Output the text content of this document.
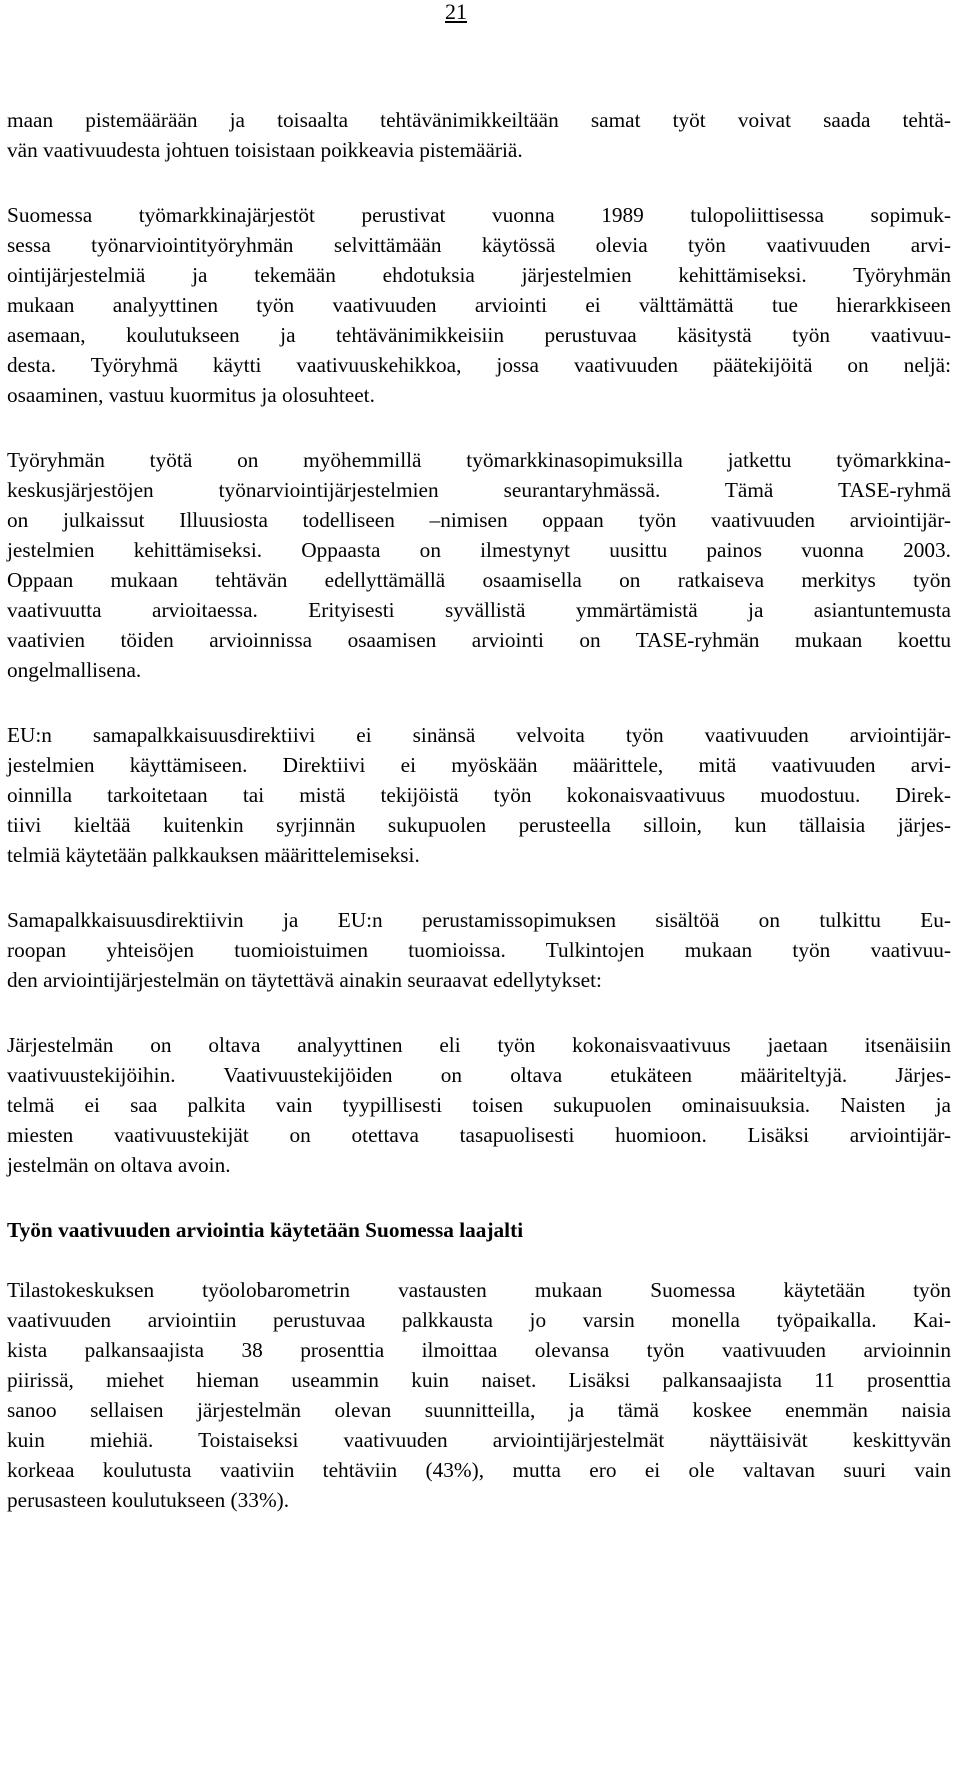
21
maan pistemäärään ja toisaalta tehtävänimikkeiltään samat työt voivat saada tehtä-
vän vaativuudesta johtuen toisistaan poikkeavia pistemääriä.
Suomessa työmarkkinajärjestöt perustivat vuonna 1989 tulopoliittisessa sopimuk-
sessa työnarviointityöryhmän selvittämään käytössä olevia työn vaativuuden arvi-
ointijärjestelmiä ja tekemään ehdotuksia järjestelmien kehittämiseksi. Työryhmän
mukaan analyyttinen työn vaativuuden arviointi ei välttämättä tue hierarkkiseen
asemaan, koulutukseen ja tehtävänimikkeisiin perustuvaa käsitystä työn vaativuu-
desta. Työryhmä käytti vaativuuskehikkoa, jossa vaativuuden päätekijöitä on neljä:
osaaminen, vastuu kuormitus ja olosuhteet.
Työryhmän työtä on myöhemmillä työmarkkinasopimuksilla jatkettu työmarkkina-
keskusjärjestöjen työnarviointijärjestelmien seurantaryhmässä. Tämä TASE-ryhmä
on julkaissut Illuusiosta todelliseen –nimisen oppaan työn vaativuuden arviointijär-
jestelmien kehittämiseksi. Oppaasta on ilmestynyt uusittu painos vuonna 2003.
Oppaan mukaan tehtävän edellyttämällä osaamisella on ratkaiseva merkitys työn
vaativuutta arvioitaessa. Erityisesti syvällistä ymmärtämistä ja asiantuntemusta
vaativien töiden arvioinnissa osaamisen arviointi on TASE-ryhmän mukaan koettu
ongelmallisena.
EU:n samapalkkaisuusdirektiivi ei sinänsä velvoita työn vaativuuden arviointijär-
jestelmien käyttämiseen. Direktiivi ei myöskään määrittele, mitä vaativuuden arvi-
oinnilla tarkoitetaan tai mistä tekijöistä työn kokonaisvaativuus muodostuu. Direk-
tiivi kieltää kuitenkin syrjinnän sukupuolen perusteella silloin, kun tällaisia järjes-
telmiä käytetään palkkauksen määrittelemiseksi.
Samapalkkaisuusdirektiivin ja EU:n perustamissopimuksen sisältöä on tulkittu Eu-
roopan yhteisöjen tuomioistuimen tuomioissa. Tulkintojen mukaan työn vaativuu-
den arviointijärjestelmän on täytettävä ainakin seuraavat edellytykset:
Järjestelmän on oltava analyyttinen eli työn kokonaisvaativuus jaetaan itsenäisiin
vaativuustekijöihin. Vaativuustekijöiden on oltava etukäteen määriteltyjä. Järjes-
telmä ei saa palkita vain tyypillisesti toisen sukupuolen ominaisuuksia. Naisten ja
miesten vaativuustekijät on otettava tasapuolisesti huomioon. Lisäksi arviointijär-
jestelmän on oltava avoin.
Työn vaativuuden arviointia käytetään Suomessa laajalti
Tilastokeskuksen työolobarometrin vastausten mukaan Suomessa käytetään työn
vaativuuden arviointiin perustuvaa palkkausta jo varsin monella työpaikalla. Kai-
kista palkansaajista 38 prosenttia ilmoittaa olevansa työn vaativuuden arvioinnin
piirissä, miehet hieman useammin kuin naiset. Lisäksi palkansaajista 11 prosenttia
sanoo sellaisen järjestelmän olevan suunnitteilla, ja tämä koskee enemmän naisia
kuin miehiä. Toistaiseksi vaativuuden arviointijärjestelmät näyttäisivät keskittyvän
korkeaa koulutusta vaativiin tehtäviin (43%), mutta ero ei ole valtavan suuri vain
perusasteen koulutukseen (33%).
